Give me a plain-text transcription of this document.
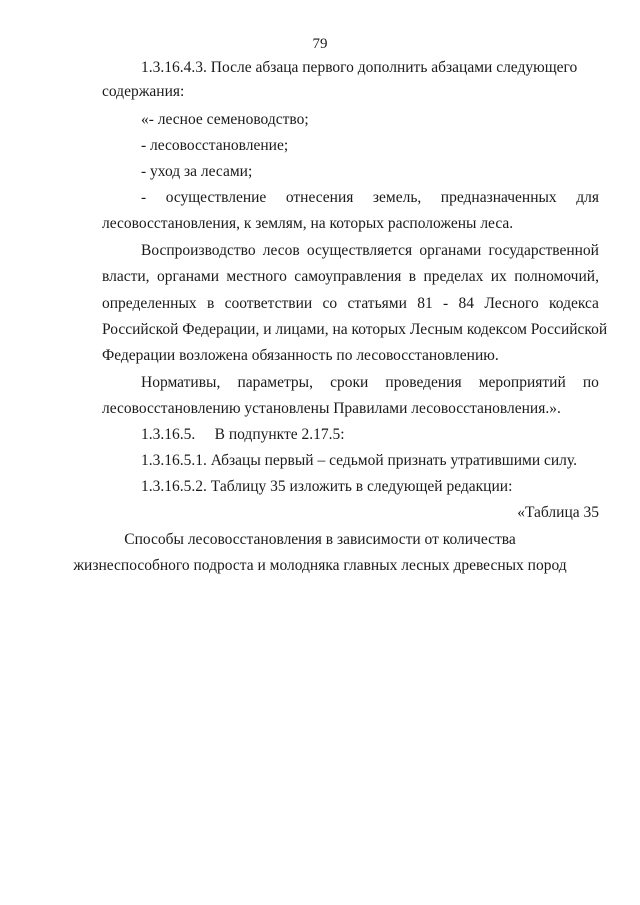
79
1.3.16.4.3. После абзаца первого дополнить абзацами следующего
содержания:
«- лесное семеноводство;
- лесовосстановление;
- уход за лесами;
- осуществление отнесения земель, предназначенных для
лесовосстановления, к землям, на которых расположены леса.
Воспроизводство лесов осуществляется органами государственной
власти, органами местного самоуправления в пределах их полномочий,
определенных в соответствии со статьями 81 - 84 Лесного кодекса
Российской Федерации, и лицами, на которых Лесным кодексом Российской
Федерации возложена обязанность по лесовосстановлению.
Нормативы, параметры, сроки проведения мероприятий по
лесовосстановлению установлены Правилами лесовосстановления.».
1.3.16.5.     В подпункте 2.17.5:
1.3.16.5.1. Абзацы первый – седьмой признать утратившими силу.
1.3.16.5.2. Таблицу 35 изложить в следующей редакции:
«Таблица 35
Способы лесовосстановления в зависимости от количества
жизнеспособного подроста и молодняка главных лесных древесных пород
